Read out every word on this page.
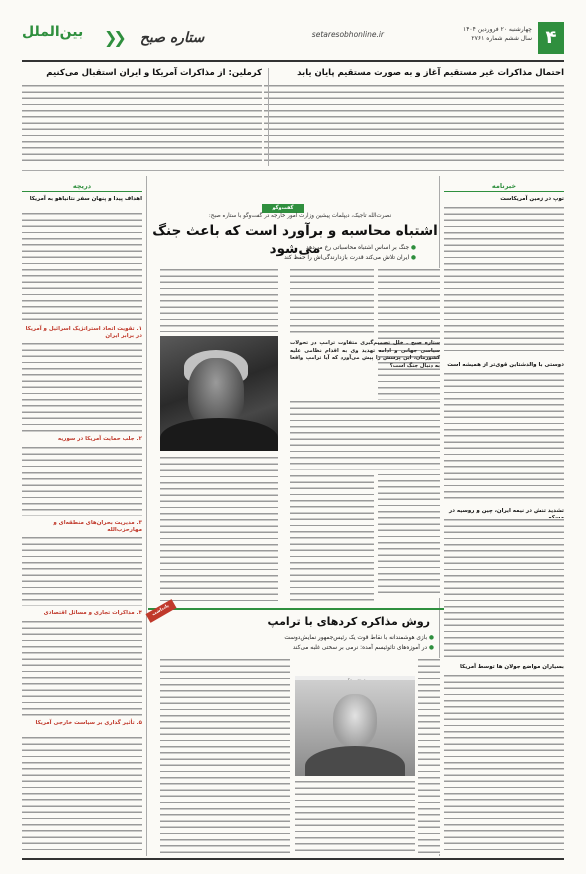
۴
چهارشنبه ۲۰ فروردین ۱۴۰۴
سال ششم شماره ۲۷۶۱
setaresobhonline.ir
ستاره صبح
❮❮
بین‌الملل
احتمال مذاکرات غیر مستقیم آغاز و به صورت مستقیم پایان یابد
کرملین: از مذاکرات آمریکا و ایران استقبال می‌کنیم
خبرنامه
توپ در زمین آمریکاست
دوستی با والدشتاین قوی‌تر از همیشه است
تشدید تنش در نیمه ایران، چین و روسیه در
بسیاران مواضع جولان ها توسط آمریکا
دریچه
اهداف پیدا و پنهان سفر نتانیاهو به آمریکا
۱. تقویت اتحاد استراتژیک اسرائیل و آمریکا در برابر ایران
۲. جلب حمایت آمریکا در سوریه
۳. مدیریت بحران‌های منطقه‌ای و مهارحزب‌الله
۴. مذاکرات تجاری و مسائل اقتصادی
۵. تأثیر گذاری بر سیاست خارجی آمریکا
گفت‌وگو
نصرت‌الله تاجیک، دیپلمات پیشین وزارت امور خارجه در گفت‌وگو با ستاره صبح:
اشتباه محاسبه و برآورد است که باعث جنگ می‌شود
● جنگ بر اساس اشتباه محاسباتی رخ می‌دهد
● ایران تلاش می‌کند قدرت بازدارندگی‌اش را حفظ کند
ستاره صبح ـ خلل تصمیم‌گیری متفاوت ترامپ در تحولات سیاسی جهانی و ادامه تهدید وی به اقدام نظامی علیه کشورمان، این پرسش را پیش می‌آورد که آیا ترامپ واقعا به دنبال جنگ است؟
یادداشت
روش مذاکره کردهای با ترامپ
● بازی هوشمندانه با نقاط قوت یک رئیس‌جمهور نمایش‌دوست
● در آموزه‌های تائوئیسم آمده: نرمی بر سختی غلبه می‌کند
